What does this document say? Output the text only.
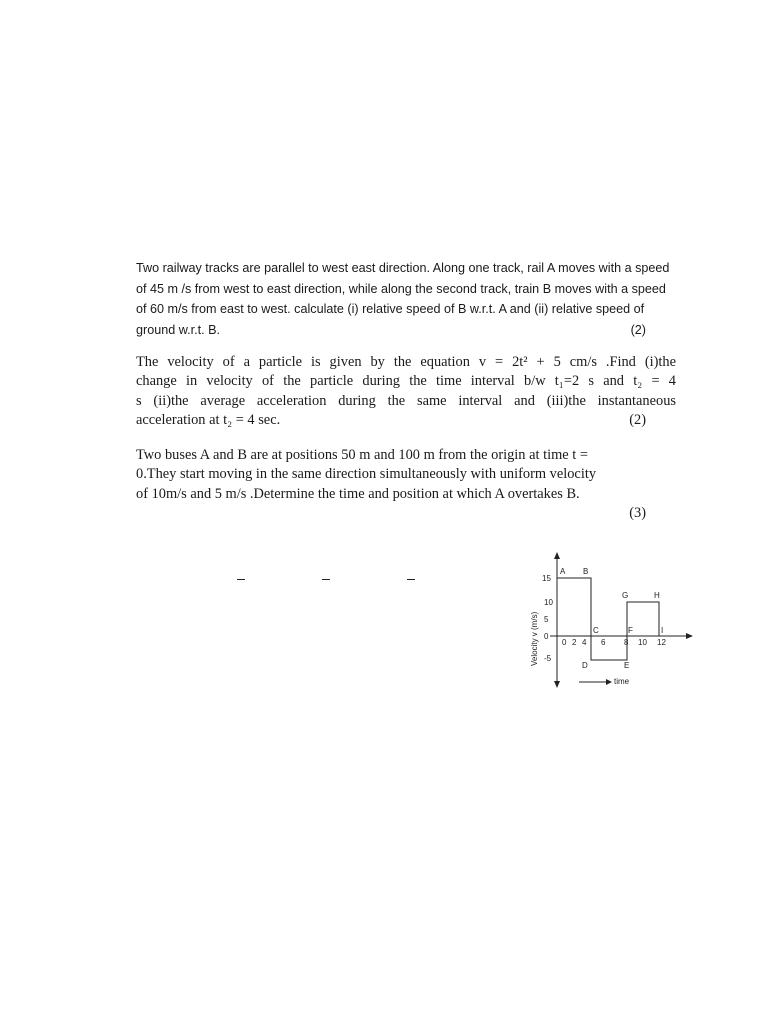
Two railway tracks are parallel to west east direction. Along one track, rail A moves with a speed
of 45 m /s from west to east direction, while along the second track, train B moves with a speed
of 60 m/s from east to west. calculate (i) relative speed of B w.r.t. A and (ii) relative speed of
ground w.r.t. B.	(2)
The velocity of a particle is given by the equation v = 2t² + 5 cm/s .Find (i)the
change in velocity of the particle during the time interval b/w t₁=2 s and t₂ = 4
s (ii)the average acceleration during the same interval and (iii)the instantaneous
acceleration at t₂ = 4 sec.	(2)
Two buses A and B are at positions 50 m and 100 m from the origin at time t =
0.They start moving in the same direction simultaneously with uniform velocity
of 10m/s and 5 m/s .Determine the time and position at which A overtakes B.
(3)
15
10
5
0
-5
0 2 4 6 8 10 12
A B
C
D	E
F
G	H
I
Velocity v (m/s)
time
